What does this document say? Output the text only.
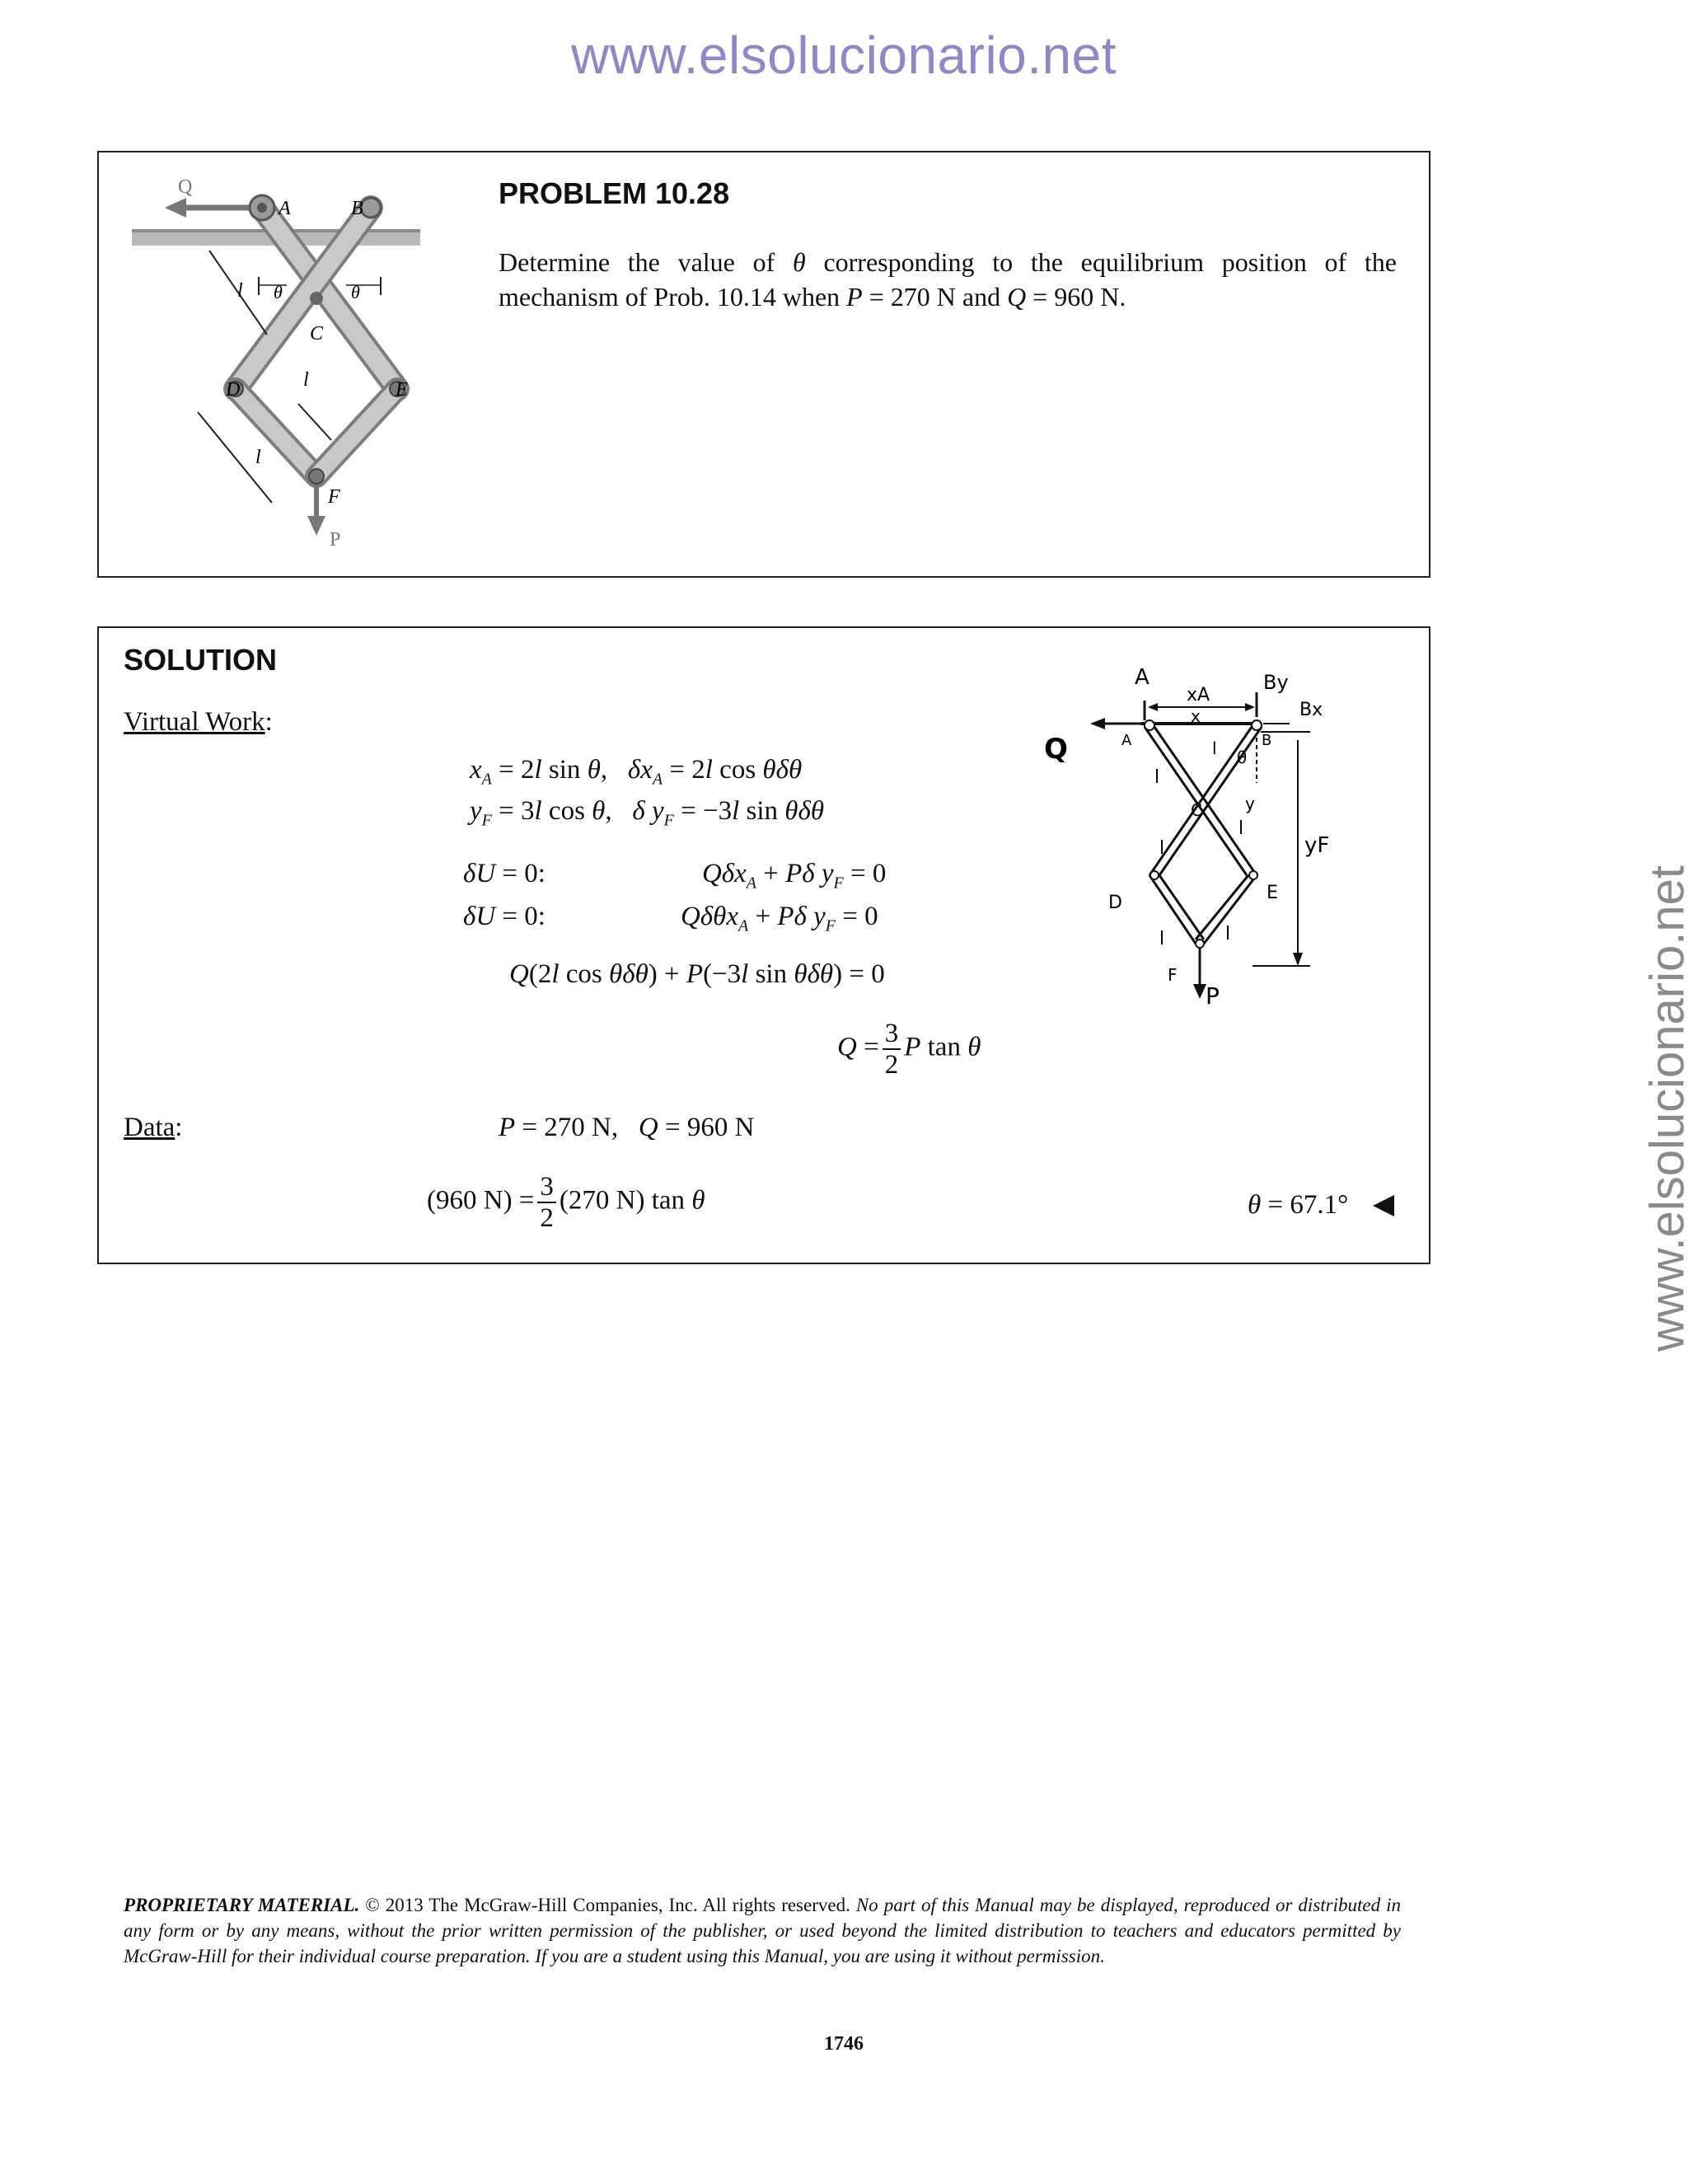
www.elsolucionario.net
www.elsolucionario.net
Q
A	B
C
D	E
F
P
l
l
l
θ	θ
PROBLEM 10.28
Determine the value of θ corresponding to the equilibrium position of the mechanism of Prob. 10.14 when P = 270 N and Q = 960 N.
SOLUTION
Virtual Work:
$x_A = 2l$ sin θ,   $\delta x_A = 2l$ cos θδθ
$y_F = 3l$ cos θ,   δ $y_F = -3l$ sin θδθ
δU = 0:	Qδx$_A$ + Pδ $y_F = 0$
δU = 0:	Qδθx$_A$ + Pδ $y_F = 0$
Q(2l cos θδθ) + P(−3l sin θδθ) = 0
$Q = \frac{3}{2}$ P tan θ
Data:	P = 270 N,   Q = 960 N
(960 $N) = \frac{3}{2} (270$ N) tan θ	θ = 67.1°
A	By
Bx
xA
x
Q	A	B
l
l
θ
y
C
l
l
D	E
l	l
F
P
yF
PROPRIETARY MATERIAL. © 2013 The McGraw-Hill Companies, Inc. All rights reserved. No part of this Manual may be displayed, reproduced or distributed in any form or by any means, without the prior written permission of the publisher, or used beyond the limited distribution to teachers and educators permitted by McGraw-Hill for their individual course preparation. If you are a student using this Manual, you are using it without permission.
1746
